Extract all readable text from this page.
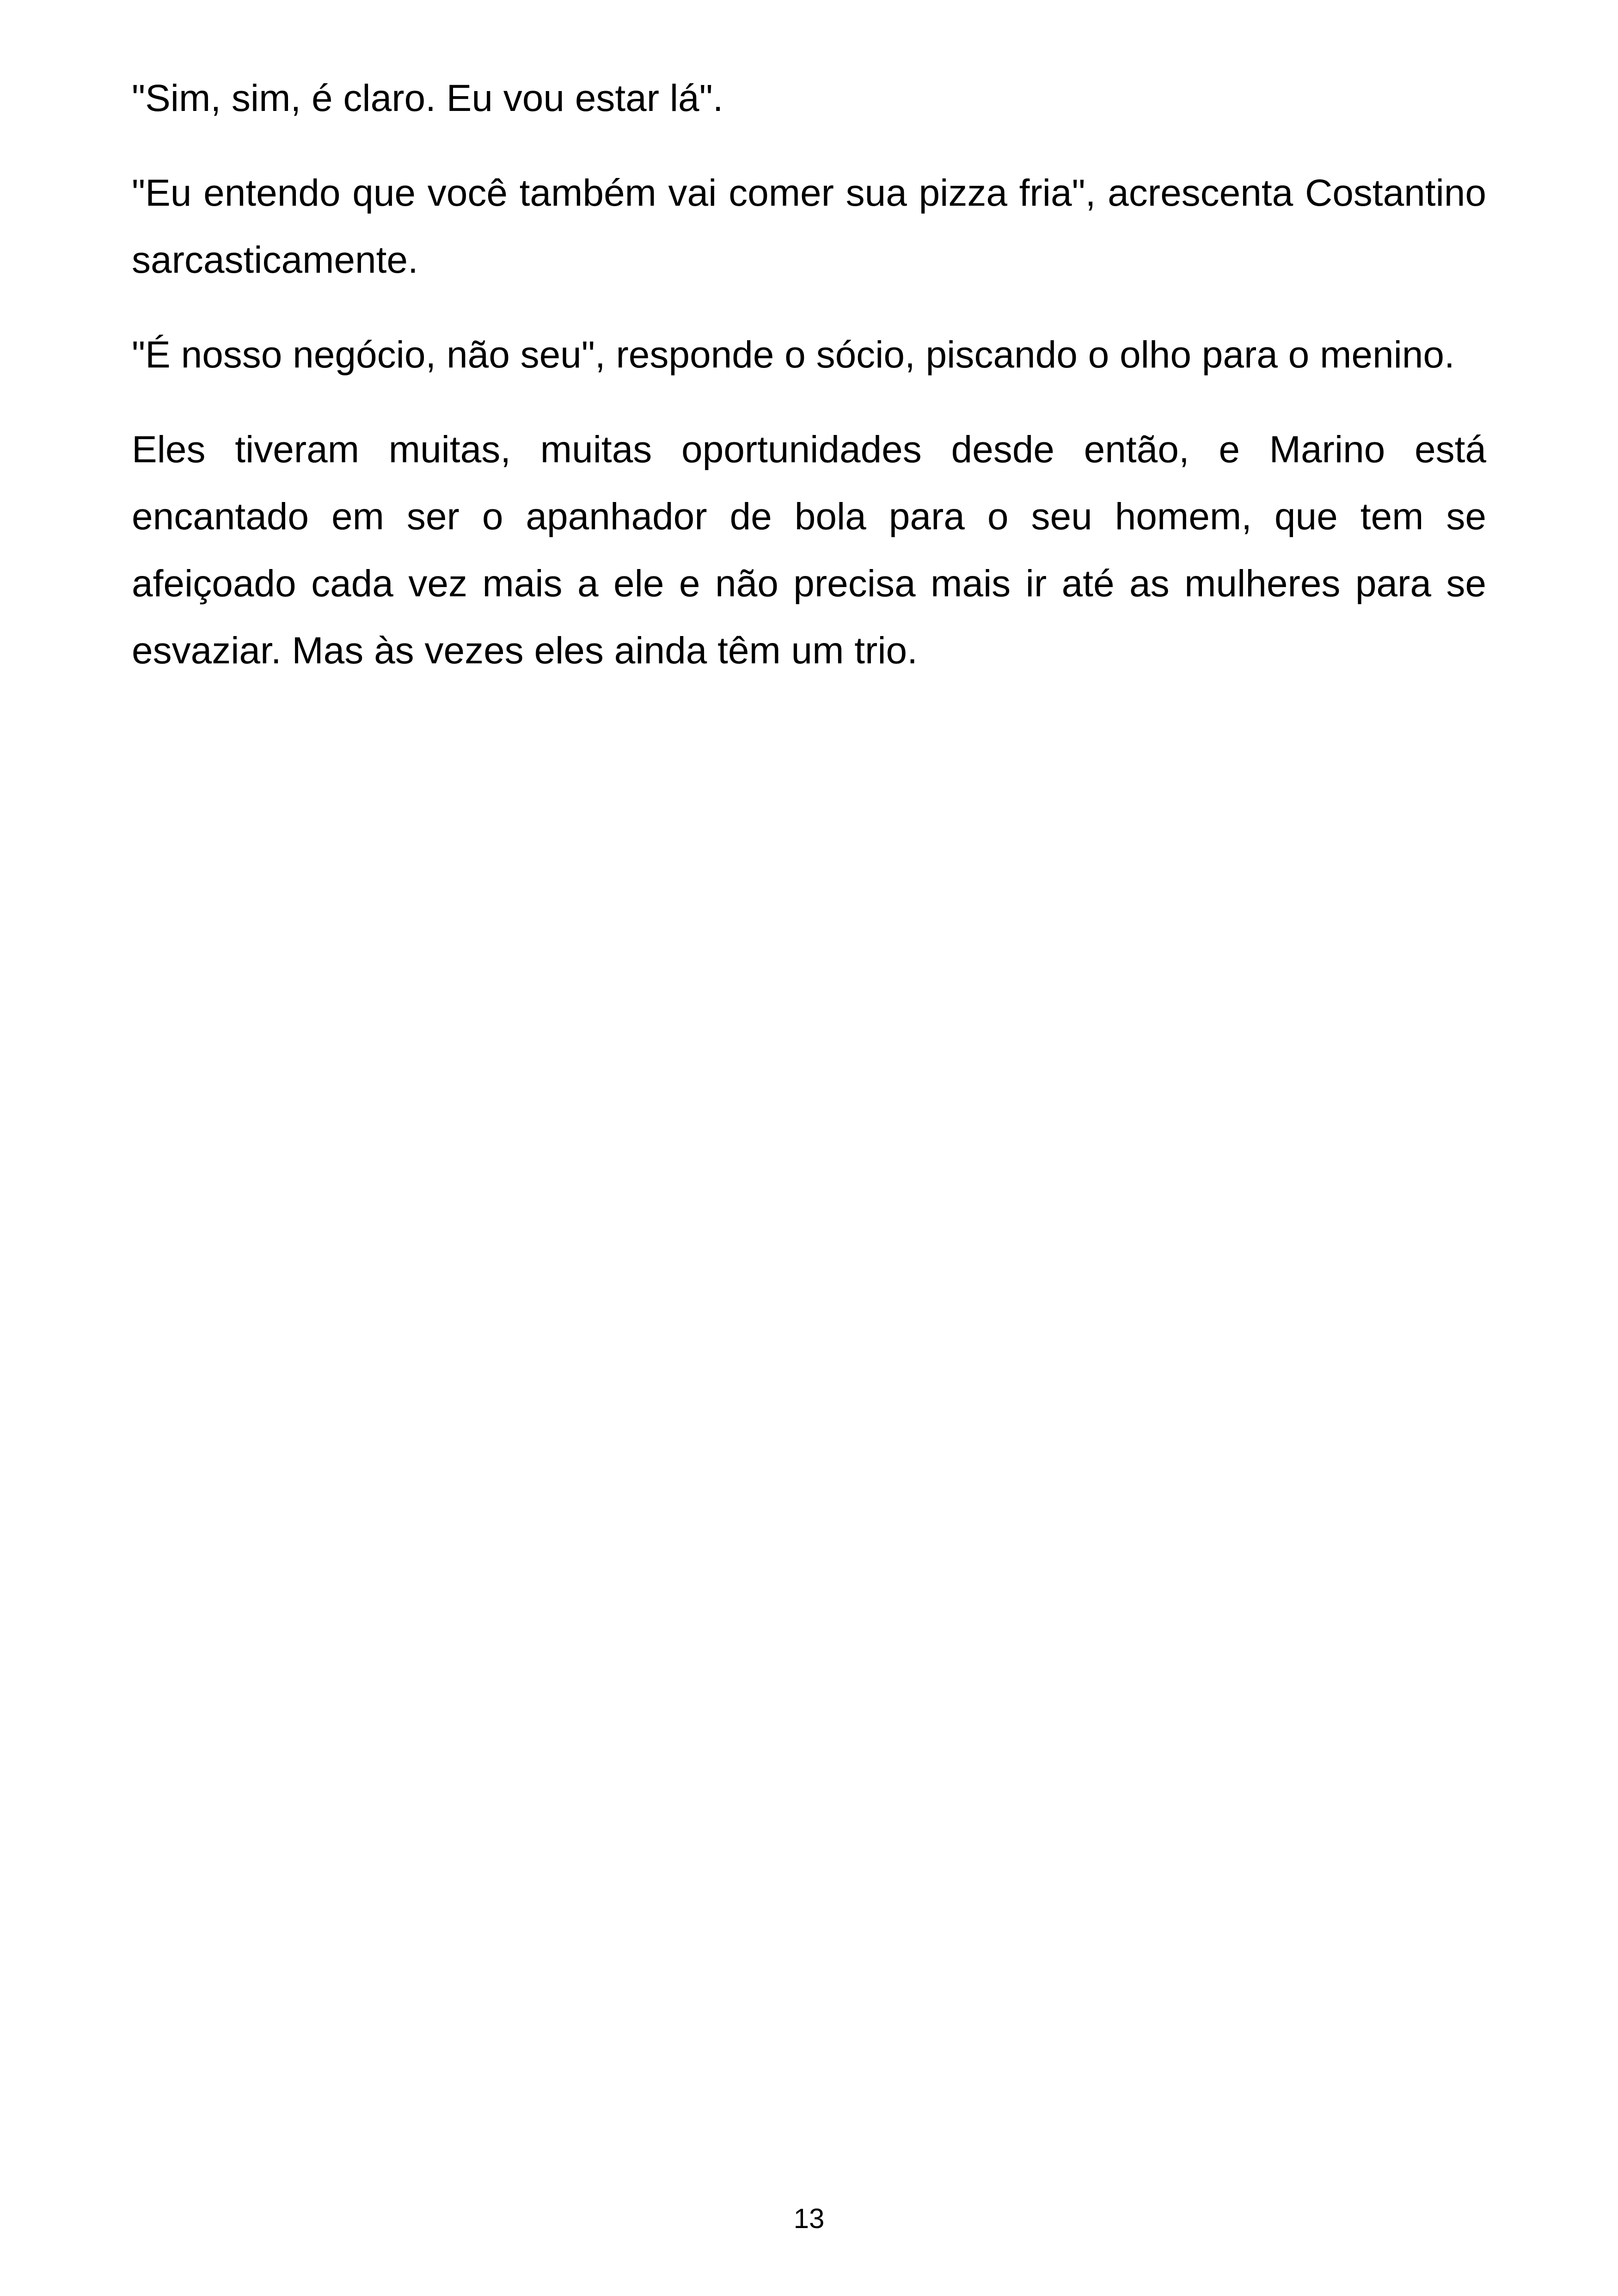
"Sim, sim, é claro. Eu vou estar lá".

"Eu entendo que você também vai comer sua pizza fria", acrescenta Costantino sarcasticamente.

"É nosso negócio, não seu", responde o sócio, piscando o olho para o menino.

Eles tiveram muitas, muitas oportunidades desde então, e Marino está encantado em ser o apanhador de bola para o seu homem, que tem se afeiçoado cada vez mais a ele e não precisa mais ir até as mulheres para se esvaziar. Mas às vezes eles ainda têm um trio.

13
